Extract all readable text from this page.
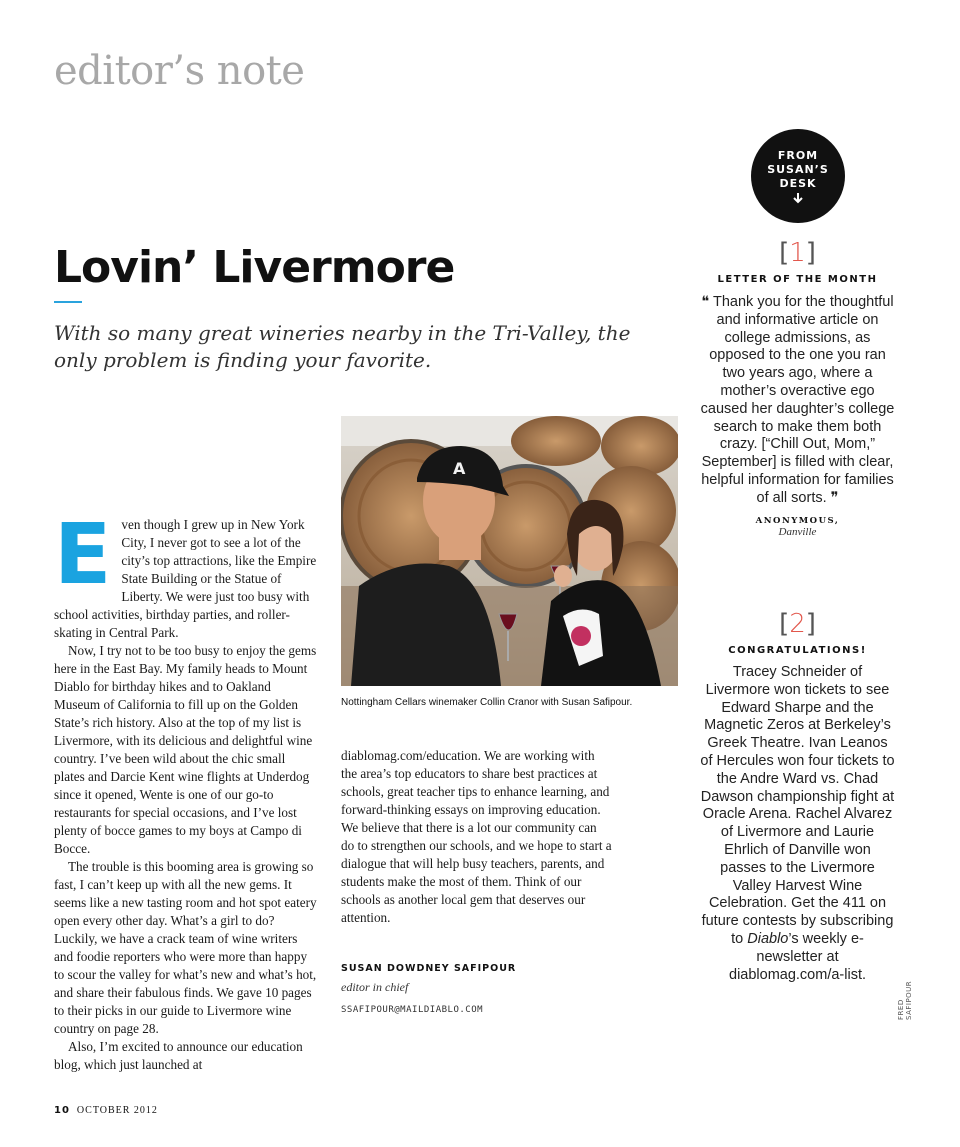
editor’s note
Lovin’ Livermore
With so many great wineries nearby in the Tri-Valley, the only problem is finding your favorite.
A
Nottingham Cellars winemaker Collin Cranor with Susan Safipour.

Even though I grew up in New York City, I never got to see a lot of the city’s top attractions, like the Empire State Building or the Statue of Liberty. We were just too busy with school activities, birthday parties, and roller-skating in Central Park.

Now, I try not to be too busy to enjoy the gems here in the East Bay. My family heads to Mount Diablo for birthday hikes and to Oakland Museum of California to fill up on the Golden State’s rich history. Also at the top of my list is Livermore, with its delicious and delightful wine country. I’ve been wild about the chic small plates and Darcie Kent wine flights at Underdog since it opened, Wente is one of our go-to restaurants for special occasions, and I’ve lost plenty of bocce games to my boys at Campo di Bocce.

The trouble is this booming area is growing so fast, I can’t keep up with all the new gems. It seems like a new tasting room and hot spot eatery open every other day. What’s a girl to do? Luckily, we have a crack team of wine writers and foodie reporters who were more than happy to scour the valley for what’s new and what’s hot, and share their fabulous finds. We gave 10 pages to their picks in our guide to Livermore wine country on page 28.

Also, I’m excited to announce our education blog, which just launched at

diablomag.com/education. We are working with the area’s top educators to share best practices at schools, great teacher tips to enhance learning, and forward-thinking essays on improving education. We believe that there is a lot our community can do to strengthen our schools, and we hope to start a dialogue that will help busy teachers, parents, and students make the most of them. Think of our schools as another local gem that deserves our attention.

SUSAN DOWDNEY SAFIPOUR
editor in chief
SSAFIPOUR@MAILDIABLO.COM
10 OCTOBER 2012
FROM
SUSAN’S
DESK
[1]
LETTER OF THE MONTH
❝ Thank you for the thoughtful and informative article on college admissions, as opposed to the one you ran two years ago, where a mother’s overactive ego caused her daughter’s college search to make them both crazy. [“Chill Out, Mom,” September] is filled with clear, helpful information for families of all sorts. ❞
ANONYMOUS,
Danville
[2]
CONGRATULATIONS!
Tracey Schneider of Livermore won tickets to see Edward Sharpe and the Magnetic Zeros at Berkeley’s Greek Theatre. Ivan Leanos of Hercules won four tickets to the Andre Ward vs. Chad Dawson championship fight at Oracle Arena. Rachel Alvarez of Livermore and Laurie Ehrlich of Danville won passes to the Livermore Valley Harvest Wine Celebration. Get the 411 on future contests by subscribing to Diablo’s weekly e-newsletter at diablomag.com/a-list.
FRED SAFIPOUR
